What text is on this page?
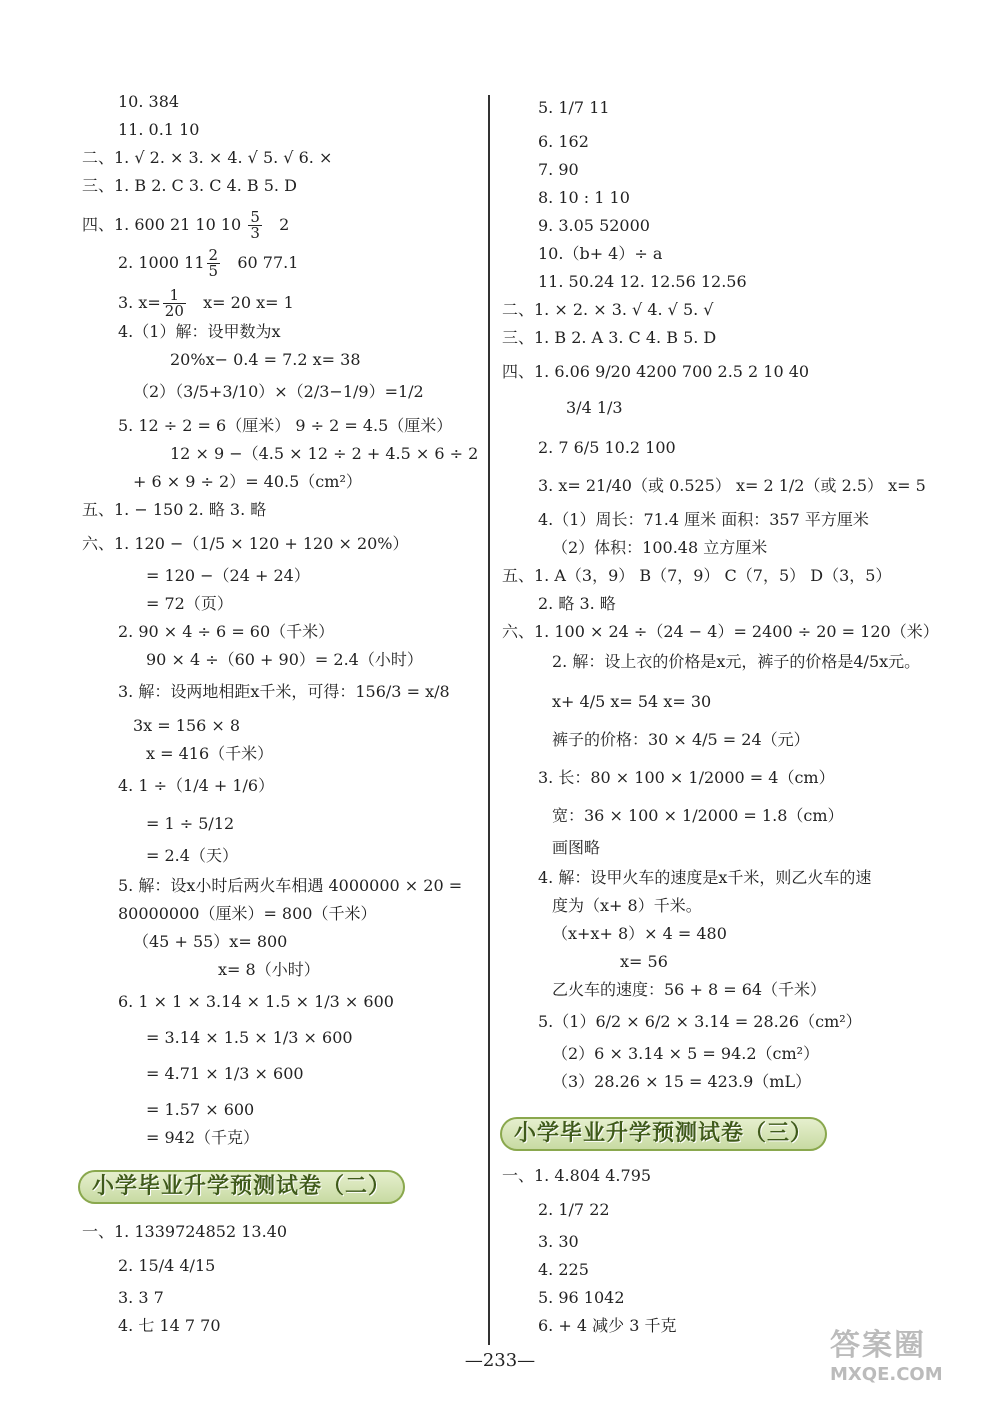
10. 384
11. 0.1 10
二、1. √ 2. × 3. × 4. √ 5. √ 6. ×
三、1. B 2. C 3. C 4. B 5. D
四、1. 600 21 10 $10 \frac{5}{3} 2$
2. 1000 $11 \frac{2}{5} 60$ 77.1
3. $x= \frac{1}{20} x= 20$ x= 1
4.（1）解：设甲数为x
20%x− 0.4 = 7.2 x= 38
（2）（3/5+3/10）×（2/3−1/9）=1/2
5. 12 ÷ 2 = 6（厘米） 9 ÷ 2 = 4.5（厘米）
12 × 9 −（4.5 × 12 ÷ 2 + 4.5 × 6 ÷ 2
+ 6 × 9 ÷ 2）= 40.5（cm²）
五、1. − 150 2. 略 3. 略
六、1. 120 −（1/5 × 120 + 120 × 20%）
= 120 −（24 + 24）
= 72（页）
2. 90 × 4 ÷ 6 = 60（千米）
90 × 4 ÷（60 + 90）= 2.4（小时）
3. 解：设两地相距x千米，可得：156/3 = x/8
3x = 156 × 8
x = 416（千米）
4. 1 ÷（1/4 + 1/6）
= 1 ÷ 5/12
= 2.4（天）
5. 解：设x小时后两火车相遇 4000000 × 20 =
80000000（厘米）= 800（千米）
（45 + 55）x= 800
x= 8（小时）
6. 1 × 1 × 3.14 × 1.5 × 1/3 × 600
= 3.14 × 1.5 × 1/3 × 600
= 4.71 × 1/3 × 600
= 1.57 × 600
= 942（千克）
小学毕业升学预测试卷（二）
一、1. 1339724852 13.40
2. 15/4 4/15
3. 3 7
4. 七 14 7 70
5. 1/7 11
6. 162
7. 90
8. 10 : 1 10
9. 3.05 52000
10.（b+ 4）÷ a
11. 50.24 12. 12.56 12.56
二、1. × 2. × 3. √ 4. √ 5. √
三、1. B 2. A 3. C 4. B 5. D
四、1. 6.06 9/20 4200 700 2.5 2 10 40
3/4 1/3
2. 7 6/5 10.2 100
3. x= 21/40（或 0.525） x= 2 1/2（或 2.5） x= 5
4.（1）周长：71.4 厘米 面积：357 平方厘米
（2）体积：100.48 立方厘米
五、1. A（3，9） B（7，9） C（7，5） D（3，5）
2. 略 3. 略
六、1. 100 × 24 ÷（24 − 4）= 2400 ÷ 20 = 120（米）
2. 解：设上衣的价格是x元，裤子的价格是4/5x元。
x+ 4/5 x= 54 x= 30
裤子的价格：30 × 4/5 = 24（元）
3. 长：80 × 100 × 1/2000 = 4（cm）
宽：36 × 100 × 1/2000 = 1.8（cm）
画图略
4. 解：设甲火车的速度是x千米，则乙火车的速
度为（x+ 8）千米。
（x+x+ 8）× 4 = 480
x= 56
乙火车的速度：56 + 8 = 64（千米）
5.（1）6/2 × 6/2 × 3.14 = 28.26（cm²）
（2）6 × 3.14 × 5 = 94.2（cm²）
（3）28.26 × 15 = 423.9（mL）
小学毕业升学预测试卷（三）
一、1. 4.804 4.795
2. 1/7 22
3. 30
4. 225
5. 96 1042
6. + 4 减少 3 千克
—233—	答案圈
MXQE.COM
